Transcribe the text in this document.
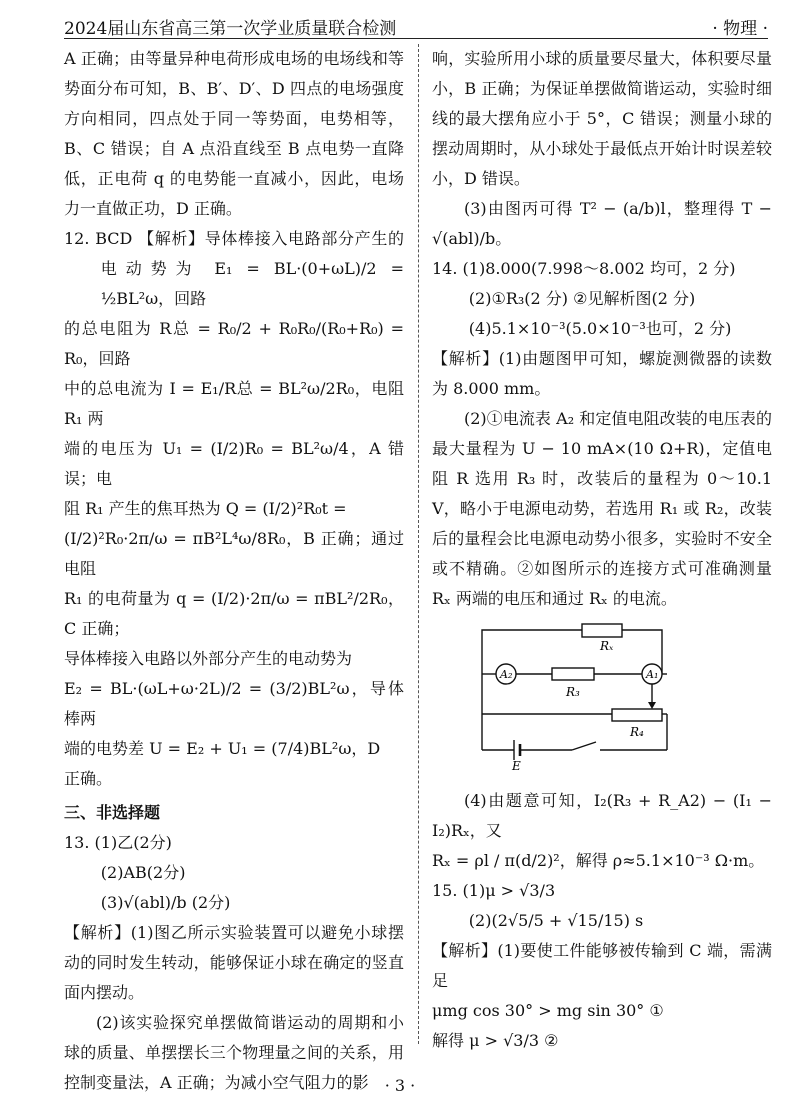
2024届山东省高三第一次学业质量联合检测	· 物理 ·

A 正确；由等量异种电荷形成电场的电场线和等势面分布可知，B、B′、D′、D 四点的电场强度方向相同，四点处于同一等势面，电势相等，B、C 错误；自 A 点沿直线至 B 点电势一直降低，正电荷 q 的电势能一直减小，因此，电场力一直做正功，D 正确。

12. BCD 【解析】导体棒接入电路部分产生的电动势为 E₁ = BL·(0+ωL)/2 = ½BL²ω，回路

的总电阻为 R总 = R₀/2 + R₀R₀/(R₀+R₀) = R₀，回路

中的总电流为 I = E₁/R总 = BL²ω/2R₀，电阻 R₁ 两

端的电压为 U₁ = (I/2)R₀ = BL²ω/4，A 错误；电

阻 R₁ 产生的焦耳热为 Q = (I/2)²R₀t =

(I/2)²R₀·2π/ω = πB²L⁴ω/8R₀，B 正确；通过电阻

R₁ 的电荷量为 q = (I/2)·2π/ω = πBL²/2R₀，C 正确；

导体棒接入电路以外部分产生的电动势为

E₂ = BL·(ωL+ω·2L)/2 = (3/2)BL²ω，导体棒两

端的电势差 U = E₂ + U₁ = (7/4)BL²ω，D

正确。

三、非选择题

13. (1)乙(2分)

(2)AB(2分)

(3)√(abl)/b (2分)

【解析】(1)图乙所示实验装置可以避免小球摆动的同时发生转动，能够保证小球在确定的竖直面内摆动。

(2)该实验探究单摆做简谐运动的周期和小球的质量、单摆摆长三个物理量之间的关系，用控制变量法，A 正确；为减小空气阻力的影

响，实验所用小球的质量要尽量大，体积要尽量小，B 正确；为保证单摆做简谐运动，实验时细线的最大摆角应小于 5°，C 错误；测量小球的摆动周期时，从小球处于最低点开始计时误差较小，D 错误。

(3)由图丙可得 T² − (a/b)l，整理得 T − √(abl)/b。

14. (1)8.000(7.998～8.002 均可，2 分)

(2)①R₃(2 分) ②见解析图(2 分)

(4)5.1×10⁻³(5.0×10⁻³也可，2 分)

【解析】(1)由题图甲可知，螺旋测微器的读数为 8.000 mm。

(2)①电流表 A₂ 和定值电阻改装的电压表的最大量程为 U − 10 mA×(10 Ω+R)，定值电阻 R 选用 R₃ 时，改装后的量程为 0～10.1 V，略小于电源电动势，若选用 R₁ 或 R₂，改装后的量程会比电源电动势小很多，实验时不安全或不精确。②如图所示的连接方式可准确测量 Rₓ 两端的电压和通过 Rₓ 的电流。

Rₓ
A₂	A₁
R₃
R₄
E

(4)由题意可知，I₂(R₃ + R_A2) − (I₁ − I₂)Rₓ，又

Rₓ = ρl / π(d/2)²，解得 ρ≈5.1×10⁻³ Ω·m。

15. (1)μ > √3/3

(2)(2√5/5 + √15/15) s

【解析】(1)要使工件能够被传输到 C 端，需满足

μmg cos 30° > mg sin 30° ①

解得 μ > √3/3 ②

· 3 ·
